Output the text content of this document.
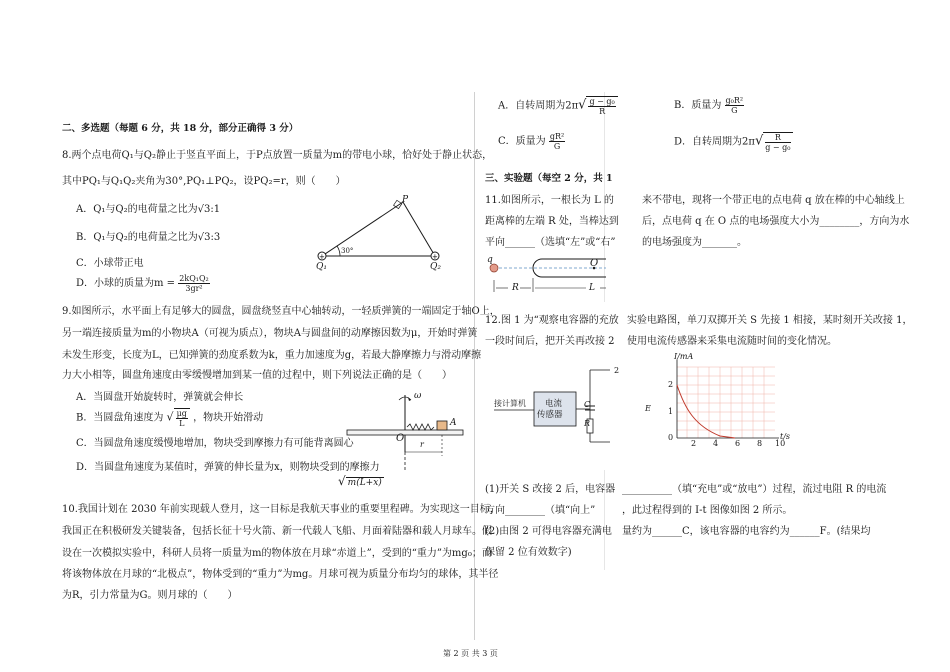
二、多选题（每题 6 分，共 18 分，部分正确得 3 分）
8.两个点电荷Q₁与Q₂静止于竖直平面上，于P点放置一质量为m的带电小球，恰好处于静止状态，
其中PQ₁与Q₁Q₂夹角为30°,PQ₁⊥PQ₂，设PQ₂=r，则（　　）
A．Q₁与Q₂的电荷量之比为√3:1
B．Q₁与Q₂的电荷量之比为√3:3
C．小球带正电
D．小球的质量为$m = \frac{\text{2kQ₁Q₂}}{\text{3gr²}}$
+	+
P
30°
Q₁	Q₂
9.如图所示，水平面上有足够大的圆盘，圆盘绕竖直中心轴转动，一轻质弹簧的一端固定于轴O上，
另一端连接质量为m的小物块A（可视为质点），物块A与圆盘间的动摩擦因数为μ，开始时弹簧
未发生形变，长度为L，已知弹簧的劲度系数为k，重力加速度为g，若最大静摩擦力与滑动摩擦
力大小相等，圆盘角速度由零缓慢增加到某一值的过程中，则下列说法正确的是（　　）
A．当圆盘开始旋转时，弹簧就会伸长
B．当圆盘角速度为 √ $\frac{\mu g}{L}$ ，物块开始滑动
C．当圆盘角速度缓慢地增加，物块受到摩擦力有可能背离圆心
D．当圆盘角速度为某值时，弹簧的伸长量为x，则物块受到的摩擦力
√ m(L+x)
ω
A
O
r
10.我国计划在 2030 年前实现载人登月，这一目标是我航天事业的重要里程碑。为实现这一目标，
我国正在积极研发关键装备，包括长征十号火箭、新一代载人飞船、月面着陆器和载人月球车。假
设在一次模拟实验中，科研人员将一质量为m的物体放在月球“赤道上”，受到的“重力”为mg₀；而
将该物体放在月球的“北极点”，物体受到的“重力”为mg。月球可视为质量分布均匀的球体，其半径
为R，引力常量为G。则月球的（　　）
A．自转周期为$2\pi√ \frac{\text{g − g₀}}{R}$	B．质量为 $\frac{\text{g₀R²}}{G}$
C．质量为 $\frac{\text{gR²}}{G}$	D．自转周期为$2\pi√ \frac{R}{\text{g − g₀}}$
三、实验题（每空 2 分，共 1
11.如图所示，一根长为 L 的	来不带电，现将一个带正电的点电荷 q 放在棒的中心轴线上
距离棒的左端 R 处，当棒达到 后，点电荷 q 在 O 点的电场强度大小为________，方向为水
平向______（选填“左”或“右”	的电场强度为_______。
q	O
R	L
12.图 1 为“观察电容器的充放 实验电路图，单刀双掷开关 S 先接 1 相接，某时刻开关改接 1，
一段时间后，把开关再改接 2 使用电流传感器来采集电流随时间的变化情况。
2
接计算机 电流
传感器
C
R
E
I/mA
2
1
0
2 4 6 8 10
t/s
(1)开关 S 改接 2 后，电容器 __________（填“充电”或“放电”）过程，流过电阻 R 的电流
方向________（填“向上”	，此过程得到的 I-t 图像如图 2 所示。
(2)由图 2 可得电容器充满电 量约为______C，该电容器的电容约为______F。(结果均
保留 2 位有效数字)
第 2 页 共 3 页
